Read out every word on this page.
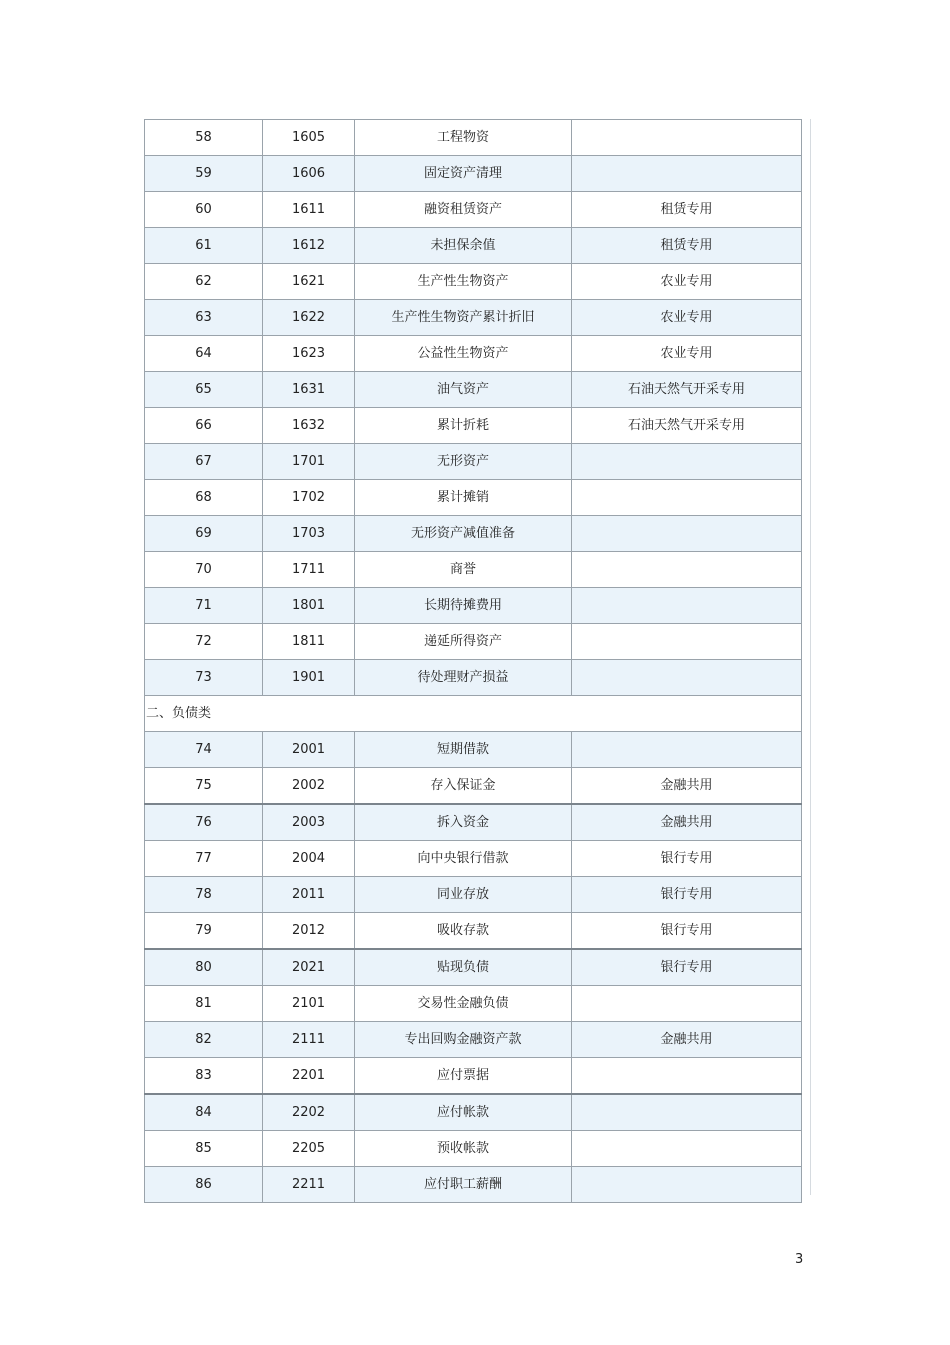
58	1605	工程物资	
59	1606	固定资产清理	
60	1611	融资租赁资产	租赁专用
61	1612	未担保余值	租赁专用
62	1621	生产性生物资产	农业专用
63	1622	生产性生物资产累计折旧	农业专用
64	1623	公益性生物资产	农业专用
65	1631	油气资产	石油天然气开采专用
66	1632	累计折耗	石油天然气开采专用
67	1701	无形资产	
68	1702	累计摊销	
69	1703	无形资产减值准备	
70	1711	商誉	
71	1801	长期待摊费用	
72	1811	递延所得资产	
73	1901	待处理财产损益	
二、负债类			
74	2001	短期借款	
75	2002	存入保证金	金融共用
76	2003	拆入资金	金融共用
77	2004	向中央银行借款	银行专用
78	2011	同业存放	银行专用
79	2012	吸收存款	银行专用
80	2021	贴现负债	银行专用
81	2101	交易性金融负债	
82	2111	专出回购金融资产款	金融共用
83	2201	应付票据	
84	2202	应付帐款	
85	2205	预收帐款	
86	2211	应付职工薪酬	
3
